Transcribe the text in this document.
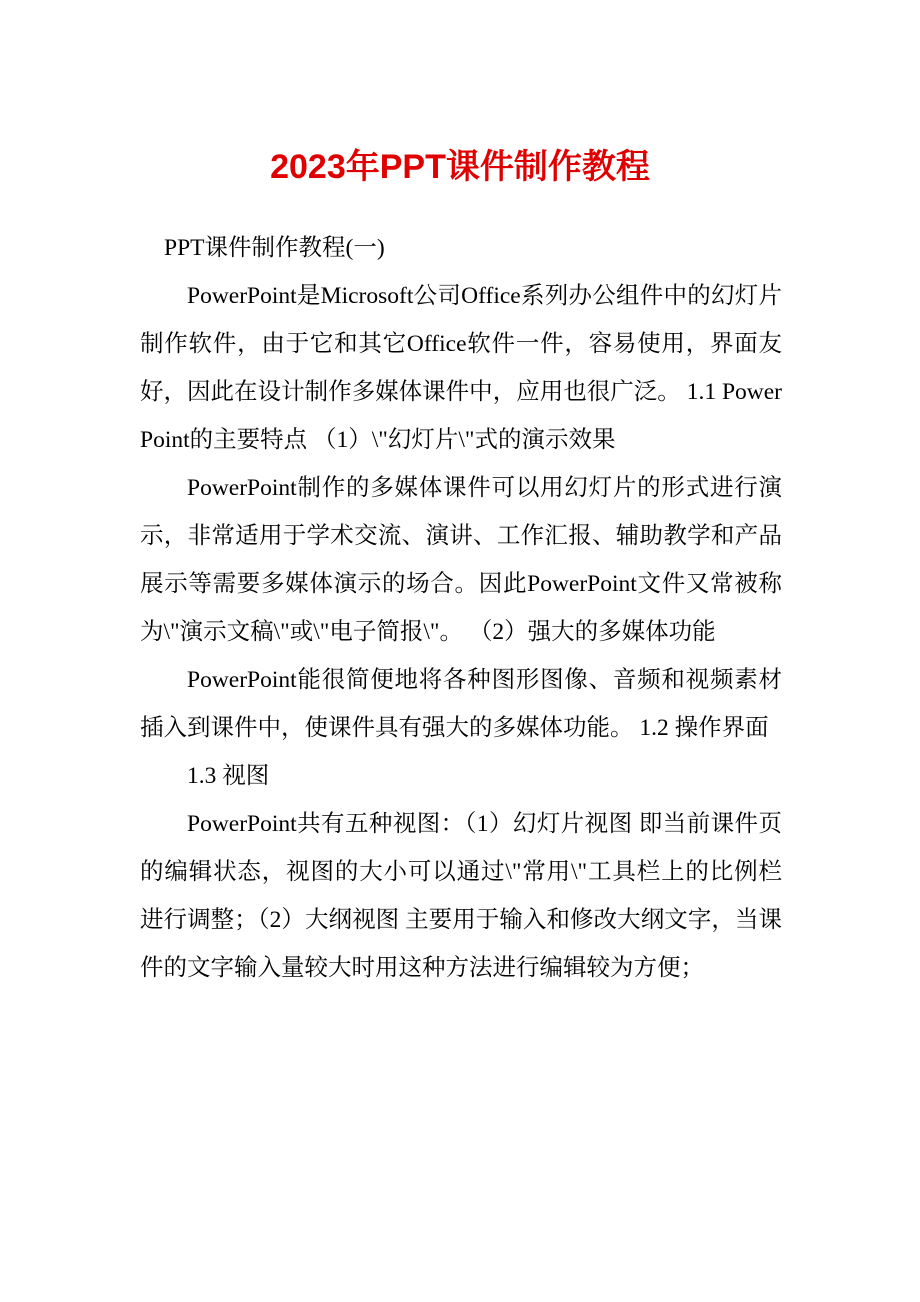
2023年PPT课件制作教程

PPT课件制作教程(一)

PowerPoint是Microsoft公司Office系列办公组件中的幻灯片制作软件，由于它和其它Office软件一件，容易使用，界面友好，因此在设计制作多媒体课件中，应用也很广泛。 1.1 PowerPoint的主要特点 （1）\"幻灯片\"式的演示效果

PowerPoint制作的多媒体课件可以用幻灯片的形式进行演示，非常适用于学术交流、演讲、工作汇报、辅助教学和产品展示等需要多媒体演示的场合。因此PowerPoint文件又常被称为\"演示文稿\"或\"电子简报\"。 （2）强大的多媒体功能

PowerPoint能很简便地将各种图形图像、音频和视频素材插入到课件中，使课件具有强大的多媒体功能。 1.2 操作界面

1.3 视图

PowerPoint共有五种视图：（1）幻灯片视图 即当前课件页的编辑状态，视图的大小可以通过\"常用\"工具栏上的比例栏进行调整；（2）大纲视图 主要用于输入和修改大纲文字，当课件的文字输入量较大时用这种方法进行编辑较为方便；
